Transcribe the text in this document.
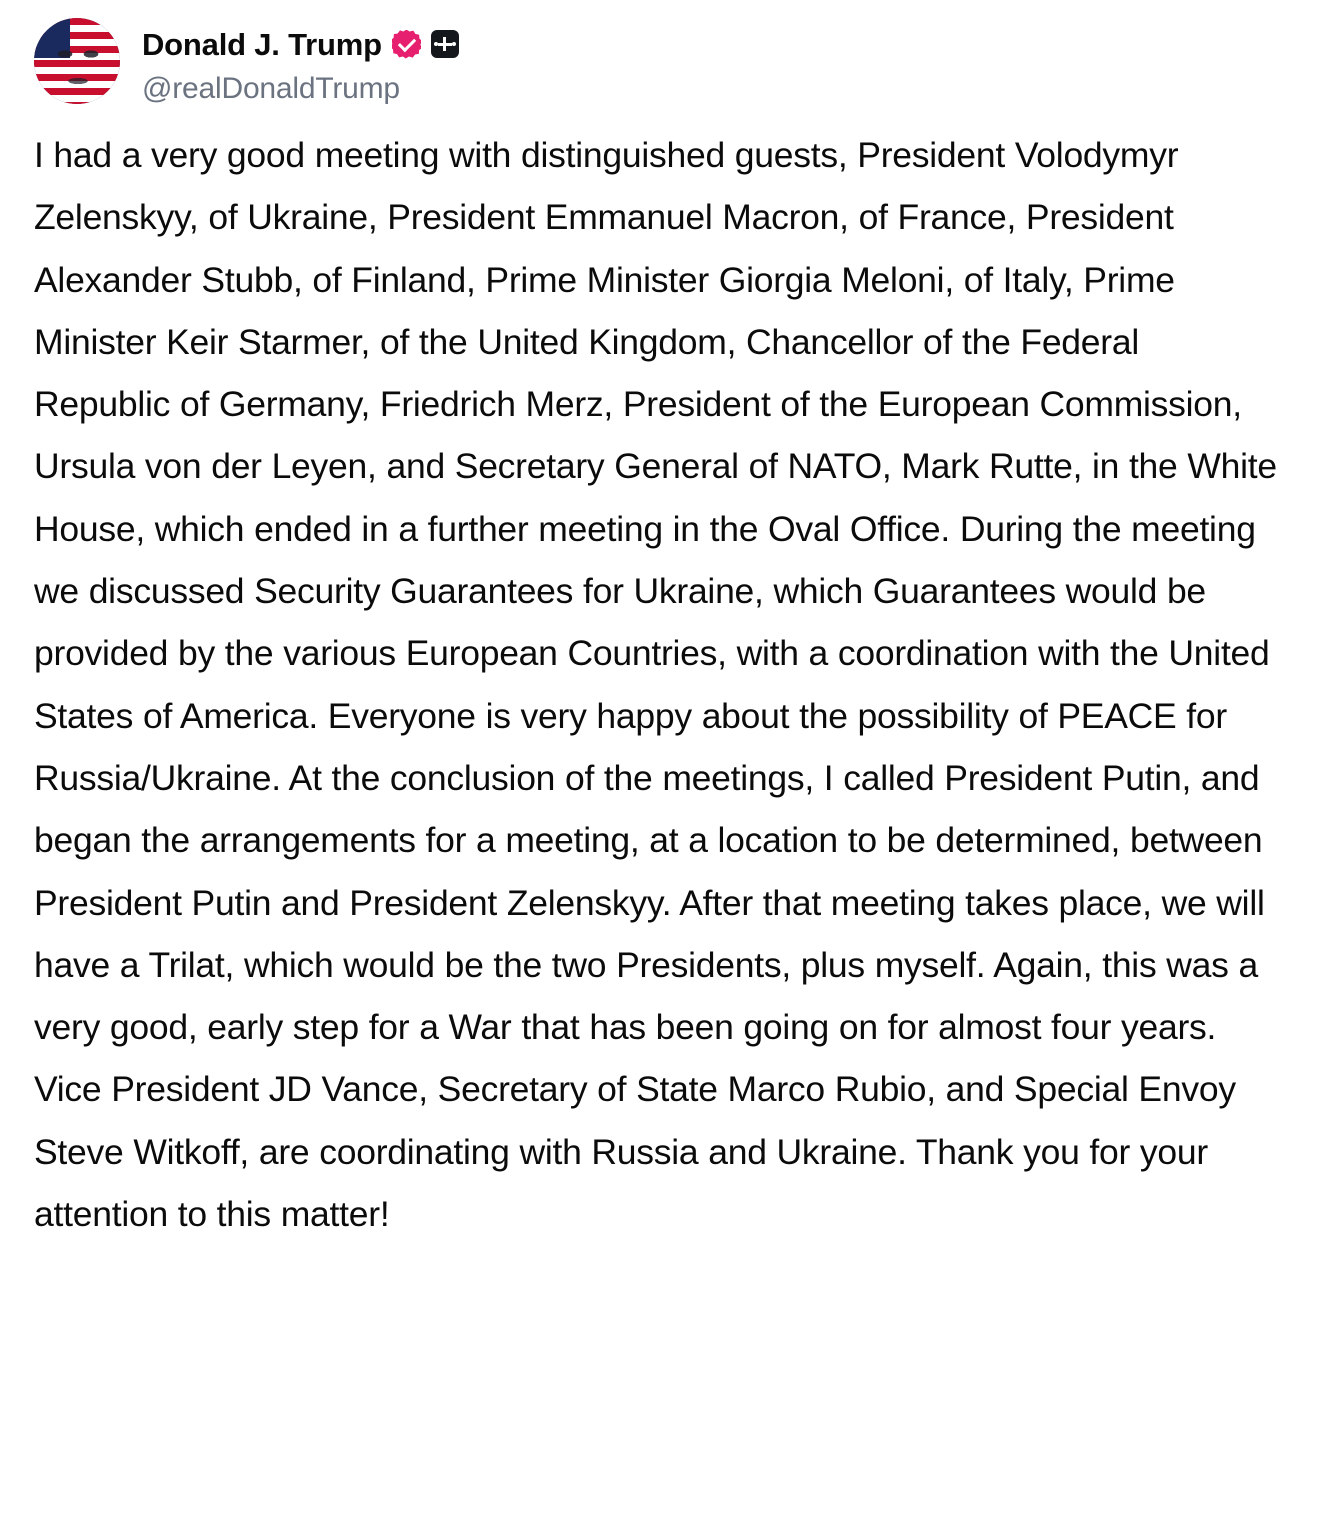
Donald J. Trump
@realDonaldTrump

I had a very good meeting with distinguished guests, President Volodymyr Zelenskyy, of Ukraine, President Emmanuel Macron, of France, President Alexander Stubb, of Finland, Prime Minister Giorgia Meloni, of Italy, Prime Minister Keir Starmer, of the United Kingdom, Chancellor of the Federal Republic of Germany, Friedrich Merz, President of the European Commission, Ursula von der Leyen, and Secretary General of NATO, Mark Rutte, in the White House, which ended in a further meeting in the Oval Office. During the meeting we discussed Security Guarantees for Ukraine, which Guarantees would be provided by the various European Countries, with a coordination with the United States of America. Everyone is very happy about the possibility of PEACE for Russia/Ukraine. At the conclusion of the meetings, I called President Putin, and began the arrangements for a meeting, at a location to be determined, between President Putin and President Zelenskyy. After that meeting takes place, we will have a Trilat, which would be the two Presidents, plus myself. Again, this was a very good, early step for a War that has been going on for almost four years. Vice President JD Vance, Secretary of State Marco Rubio, and Special Envoy Steve Witkoff, are coordinating with Russia and Ukraine. Thank you for your attention to this matter!
